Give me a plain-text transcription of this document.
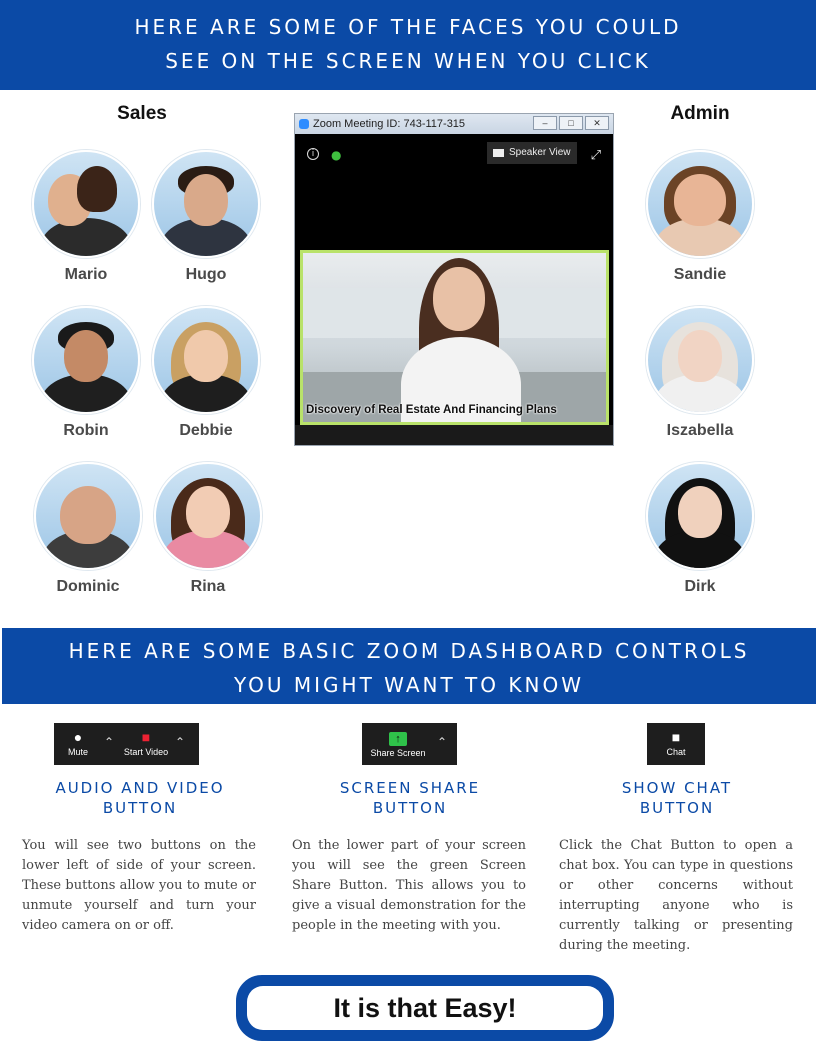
HERE ARE SOME OF THE FACES YOU COULD
SEE ON THE SCREEN WHEN YOU CLICK
Sales
Mario	Hugo
Robin	Debbie
Dominic	Rina
Admin
Sandie
Iszabella
Dirk
Zoom Meeting ID: 743-117-315	–	□	✕
i	●	Speaker View	⤢
Discovery of Real Estate And Financing Plans
HERE ARE SOME BASIC ZOOM DASHBOARD CONTROLS
YOU MIGHT WANT TO KNOW
●
Mute
⌃	■
Start Video
⌃	↑
Share Screen
⌃	■
Chat
AUDIO AND VIDEO
BUTTON
SCREEN SHARE
BUTTON
SHOW CHAT
BUTTON

You will see two buttons on the lower left of side of your screen. These buttons allow you to mute or unmute yourself and turn your video camera on or off.

On the lower part of your screen you will see the green Screen Share Button. This allows you to give a visual demonstration for the people in the meeting with you.

Click the Chat Button to open a chat box. You can type in questions or other concerns without interrupting anyone who is currently talking or presenting during the meeting.

It is that Easy!
